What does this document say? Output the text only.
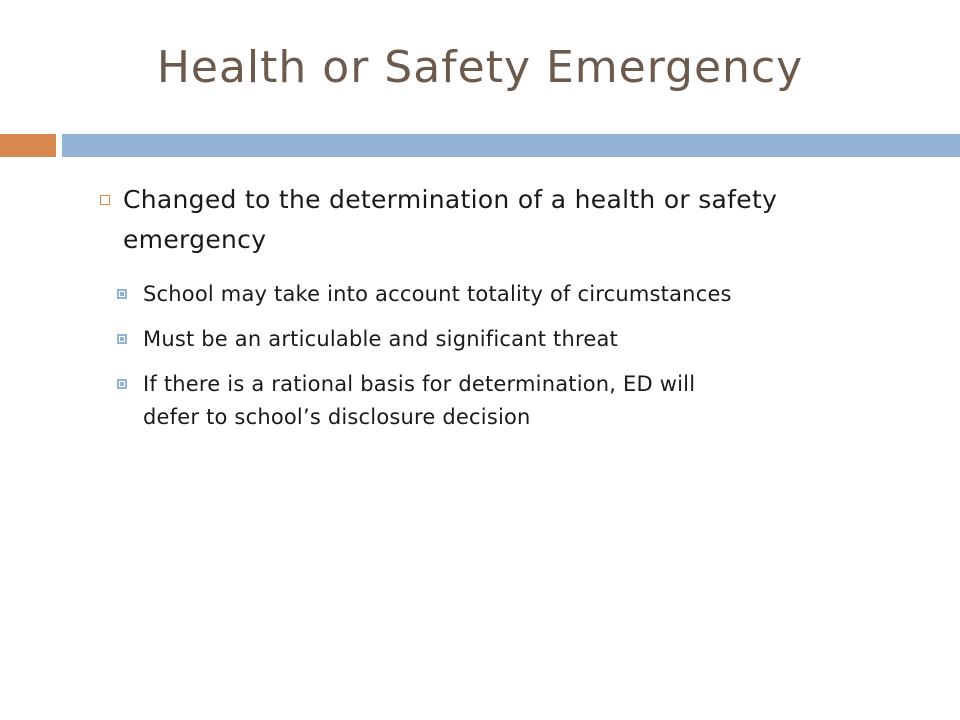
Health or Safety Emergency
Changed to the determination of a health or safety
emergency
School may take into account totality of circumstances
Must be an articulable and significant threat
If there is a rational basis for determination, ED will
defer to school’s disclosure decision
